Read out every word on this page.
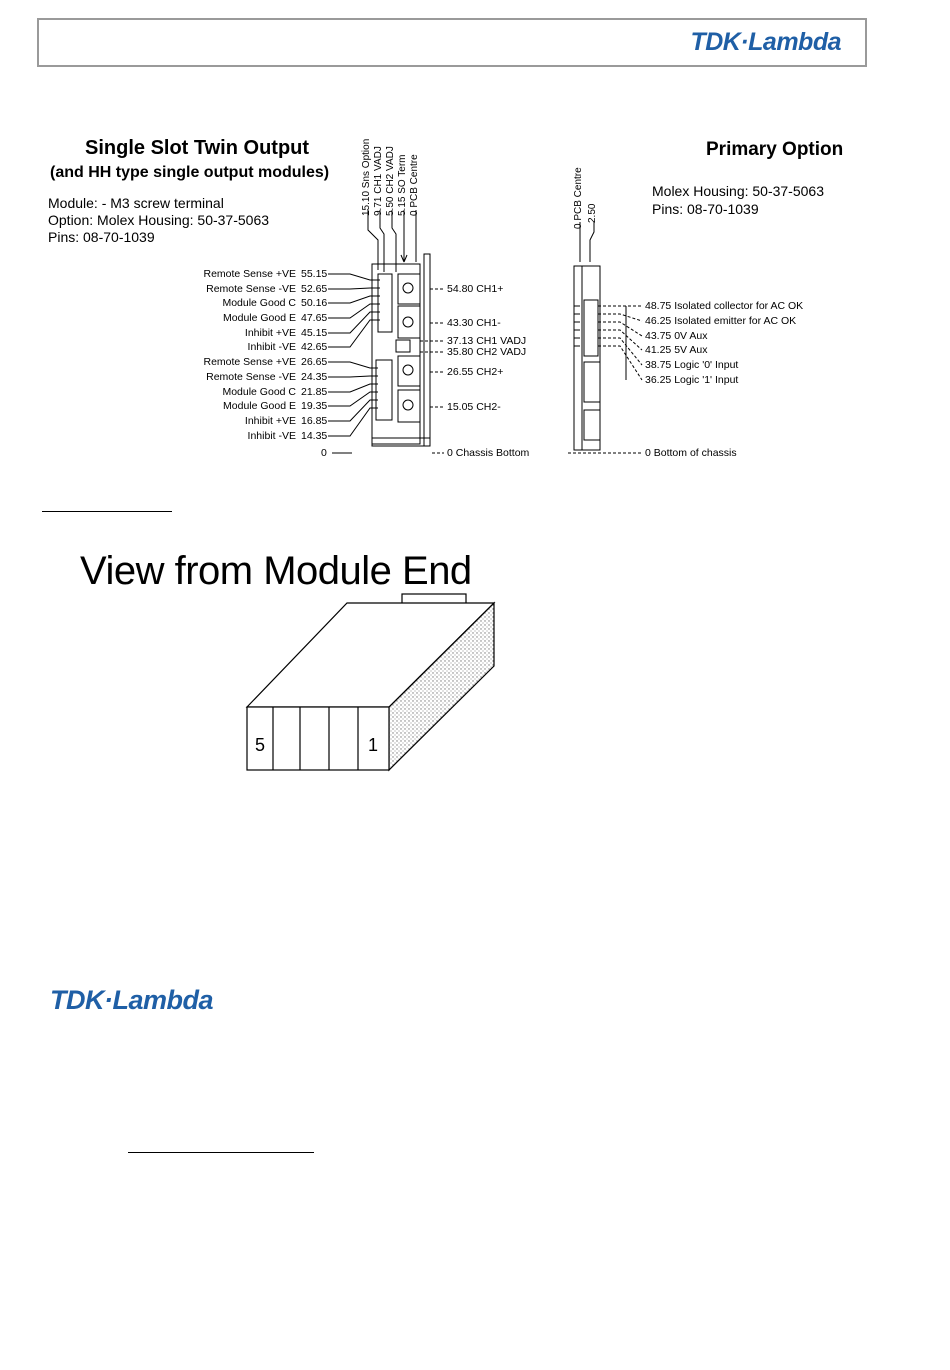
TDK·Lambda
Single Slot Twin Output
(and HH type single output modules)
Module: - M3 screw terminal
Option: Molex Housing: 50-37-5063
Pins: 08-70-1039
15.10 Sns Option 9.71 CH1 VADJ 5.50 CH2 VADJ 5.15 SO Term 0 PCB Centre
Remote Sense +VE
Remote Sense -VE
Module Good C
Module Good E
Inhibit +VE
Inhibit -VE
Remote Sense +VE
Remote Sense -VE
Module Good C
Module Good E
Inhibit +VE
Inhibit -VE
55.15
52.65
50.16
47.65
45.15
42.65
26.65
24.35
21.85
19.35
16.85
14.35
0
54.80 CH1+
43.30 CH1-
37.13 CH1 VADJ
35.80 CH2 VADJ
26.55 CH2+
15.05 CH2-
0 Chassis Bottom
Primary Option
Molex Housing: 50-37-5063
Pins: 08-70-1039
0 PCB Centre 2.50
48.75 Isolated collector for AC OK
46.25 Isolated emitter for AC OK
43.75 0V Aux
41.25 5V Aux
38.75 Logic '0' Input
36.25 Logic '1' Input
0 Bottom of chassis
5	1
View from Module End
TDK·Lambda
